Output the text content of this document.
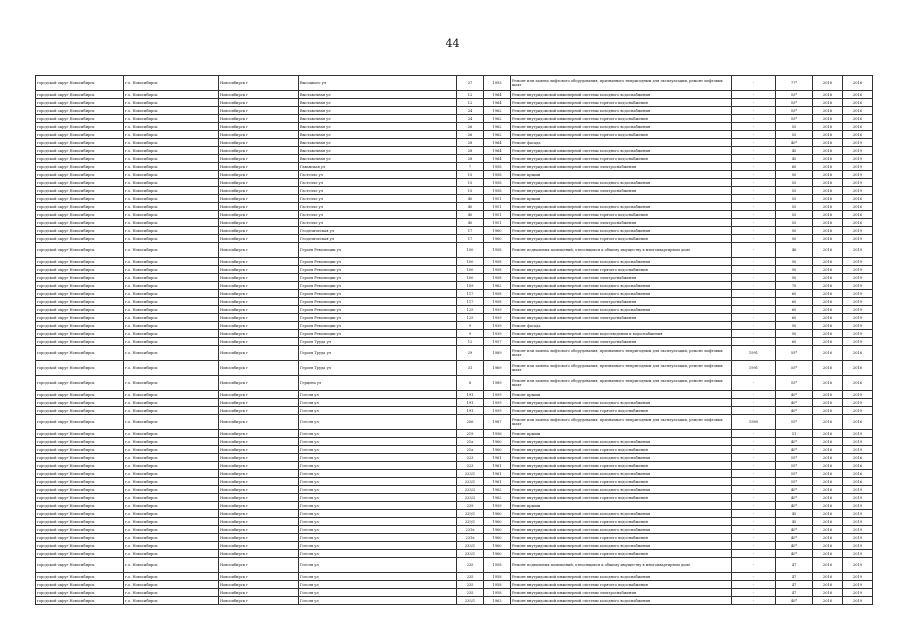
44
городской округ Новосибирск	г.о. Новосибирск	Новосибирск г	Высоцкого ул	27	1993	Ремонт или замена лифтового оборудования, признанного непригодным для эксплуатации, ремонт лифтовых шахт	-	77*	2016	2016
городской округ Новосибирск	г.о. Новосибирск	Новосибирск г	Выставочная ул	12	1964	Ремонт внутридомовой инженерной системы холодного водоснабжения	-	55*	2016	2016
городской округ Новосибирск	г.о. Новосибирск	Новосибирск г	Выставочная ул	12	1964	Ремонт внутридомовой инженерной системы горячего водоснабжения	-	55*	2016	2016
городской округ Новосибирск	г.о. Новосибирск	Новосибирск г	Выставочная ул	24	1962	Ремонт внутридомовой инженерной системы холодного водоснабжения	-	55*	2016	2016
городской округ Новосибирск	г.о. Новосибирск	Новосибирск г	Выставочная ул	24	1962	Ремонт внутридомовой инженерной системы горячего водоснабжения	-	55*	2016	2016
городской округ Новосибирск	г.о. Новосибирск	Новосибирск г	Выставочная ул	26	1962	Ремонт внутридомовой инженерной системы холодного водоснабжения	-	55	2016	2016
городской округ Новосибирск	г.о. Новосибирск	Новосибирск г	Выставочная ул	26	1962	Ремонт внутридомовой инженерной системы горячего водоснабжения	-	55	2016	2016
городской округ Новосибирск	г.о. Новосибирск	Новосибирск г	Выставочная ул	28	1964	Ремонт фасада	-	40*	2016	2019
городской округ Новосибирск	г.о. Новосибирск	Новосибирск г	Выставочная ул	28	1964	Ремонт внутридомовой инженерной системы холодного водоснабжения	-	45	2016	2019
городской округ Новосибирск	г.о. Новосибирск	Новосибирск г	Выставочная ул	28	1964	Ремонт внутридомовой инженерной системы горячего водоснабжения	-	45	2016	2019
городской округ Новосибирск	г.о. Новосибирск	Новосибирск г	Гаванская ул	7	1958	Ремонт внутридомовой инженерной системы электроснабжения	-	60	2016	2019
городской округ Новосибирск	г.о. Новосибирск	Новосибирск г	Гастелло ул	15	1958	Ремонт крыши	-	50	2016	2019
городской округ Новосибирск	г.о. Новосибирск	Новосибирск г	Гастелло ул	15	1958	Ремонт внутридомовой инженерной системы холодного водоснабжения	-	55	2016	2019
городской округ Новосибирск	г.о. Новосибирск	Новосибирск г	Гастелло ул	15	1958	Ремонт внутридомовой инженерной системы электроснабжения	-	55	2016	2019
городской округ Новосибирск	г.о. Новосибирск	Новосибирск г	Гастелло ул	40	1951	Ремонт крыши	-	55	2016	2016
городской округ Новосибирск	г.о. Новосибирск	Новосибирск г	Гастелло ул	40	1951	Ремонт внутридомовой инженерной системы холодного водоснабжения	-	55	2016	2016
городской округ Новосибирск	г.о. Новосибирск	Новосибирск г	Гастелло ул	40	1951	Ремонт внутридомовой инженерной системы горячего водоснабжения	-	55	2016	2016
городской округ Новосибирск	г.о. Новосибирск	Новосибирск г	Гастелло ул	40	1951	Ремонт внутридомовой инженерной системы электроснабжения	-	55	2016	2016
городской округ Новосибирск	г.о. Новосибирск	Новосибирск г	Геодезическая ул	17	1960	Ремонт внутридомовой инженерной системы холодного водоснабжения	-	50	2016	2019
городской округ Новосибирск	г.о. Новосибирск	Новосибирск г	Геодезическая ул	17	1960	Ремонт внутридомовой инженерной системы горячего водоснабжения	-	50	2016	2019
городской округ Новосибирск	г.о. Новосибирск	Новосибирск г	Героев Революции ул	100	1958	Ремонт подвальных помещений, относящихся к общему имуществу в многоквартирном доме	-	46	2016	2019
городской округ Новосибирск	г.о. Новосибирск	Новосибирск г	Героев Революции ул	100	1958	Ремонт внутридомовой инженерной системы холодного водоснабжения	-	50	2016	2019
городской округ Новосибирск	г.о. Новосибирск	Новосибирск г	Героев Революции ул	100	1958	Ремонт внутридомовой инженерной системы горячего водоснабжения	-	50	2016	2019
городской округ Новосибирск	г.о. Новосибирск	Новосибирск г	Героев Революции ул	100	1958	Ремонт внутридомовой инженерной системы электроснабжения	-	50	2016	2019
городской округ Новосибирск	г.о. Новосибирск	Новосибирск г	Героев Революции ул	109	1962	Ремонт внутридомовой инженерной системы холодного водоснабжения	-	70	2016	2019
городской округ Новосибирск	г.о. Новосибирск	Новосибирск г	Героев Революции ул	117	1958	Ремонт внутридомовой инженерной системы холодного водоснабжения	-	60	2016	2019
городской округ Новосибирск	г.о. Новосибирск	Новосибирск г	Героев Революции ул	117	1958	Ремонт внутридомовой инженерной системы электроснабжения	-	60	2016	2019
городской округ Новосибирск	г.о. Новосибирск	Новосибирск г	Героев Революции ул	125	1959	Ремонт внутридомовой инженерной системы холодного водоснабжения	-	60	2016	2019
городской округ Новосибирск	г.о. Новосибирск	Новосибирск г	Героев Революции ул	125	1959	Ремонт внутридомовой инженерной системы электроснабжения	-	60	2016	2019
городской округ Новосибирск	г.о. Новосибирск	Новосибирск г	Героев Революции ул	9	1939	Ремонт фасада	-	50	2016	2019
городской округ Новосибирск	г.о. Новосибирск	Новосибирск г	Героев Революции ул	9	1939	Ремонт внутридомовой инженерной системы водоотведения и водоснабжения	-	50	2016	2019
городской округ Новосибирск	г.о. Новосибирск	Новосибирск г	Героев Труда ул	12	1957	Ремонт внутридомовой инженерной системы электроснабжения	-	60	2016	2019
городской округ Новосибирск	г.о. Новосибирск	Новосибирск г	Героев Труда ул	29	1989	Ремонт или замена лифтового оборудования, признанного непригодным для эксплуатации, ремонт лифтовых шахт	1991	55*	2016	2016
городской округ Новосибирск	г.о. Новосибирск	Новосибирск г	Героев Труда ул	31	1969	Ремонт или замена лифтового оборудования, признанного непригодным для эксплуатации, ремонт лифтовых шахт	1991	55*	2016	2016
городской округ Новосибирск	г.о. Новосибирск	Новосибирск г	Герцена ул	8	1989	Ремонт или замена лифтового оборудования, признанного непригодным для эксплуатации, ремонт лифтовых шахт	-	55*	2016	2016
городской округ Новосибирск	г.о. Новосибирск	Новосибирск г	Гоголя ул	191	1959	Ремонт крыши	-	40*	2016	2019
городской округ Новосибирск	г.о. Новосибирск	Новосибирск г	Гоголя ул	191	1959	Ремонт внутридомовой инженерной системы холодного водоснабжения	-	40*	2016	2019
городской округ Новосибирск	г.о. Новосибирск	Новосибирск г	Гоголя ул	191	1959	Ремонт внутридомовой инженерной системы горячего водоснабжения	-	40*	2016	2019
городской округ Новосибирск	г.о. Новосибирск	Новосибирск г	Гоголя ул	206	1987	Ремонт или замена лифтового оборудования, признанного непригодным для эксплуатации, ремонт лифтовых шахт	1989	55*	2016	2016
городской округ Новосибирск	г.о. Новосибирск	Новосибирск г	Гоголя ул	219	1956	Ремонт крыши	-	51	2016	2019
городской округ Новосибирск	г.о. Новосибирск	Новосибирск г	Гоголя ул	21а	1960	Ремонт внутридомовой инженерной системы холодного водоснабжения	-	40*	2016	2019
городской округ Новосибирск	г.о. Новосибирск	Новосибирск г	Гоголя ул	21а	1960	Ремонт внутридомовой инженерной системы горячего водоснабжения	-	40*	2016	2019
городской округ Новосибирск	г.о. Новосибирск	Новосибирск г	Гоголя ул	223	1961	Ремонт внутридомовой инженерной системы холодного водоснабжения	-	55*	2016	2016
городской округ Новосибирск	г.о. Новосибирск	Новосибирск г	Гоголя ул	223	1961	Ремонт внутридомовой инженерной системы горячего водоснабжения	-	55*	2016	2016
городской округ Новосибирск	г.о. Новосибирск	Новосибирск г	Гоголя ул	223/1	1961	Ремонт внутридомовой инженерной системы холодного водоснабжения	-	55*	2016	2016
городской округ Новосибирск	г.о. Новосибирск	Новосибирск г	Гоголя ул	223/1	1961	Ремонт внутридомовой инженерной системы горячего водоснабжения	-	55*	2016	2016
городской округ Новосибирск	г.о. Новосибирск	Новосибирск г	Гоголя ул	225/2	1962	Ремонт внутридомовой инженерной системы холодного водоснабжения	-	40*	2016	2019
городской округ Новосибирск	г.о. Новосибирск	Новосибирск г	Гоголя ул	225/2	1962	Ремонт внутридомовой инженерной системы горячего водоснабжения	-	40*	2016	2019
городской округ Новосибирск	г.о. Новосибирск	Новосибирск г	Гоголя ул	229	1959	Ремонт крыши	-	40*	2016	2019
городской округ Новосибирск	г.о. Новосибирск	Новосибирск г	Гоголя ул	229/1	1960	Ремонт внутридомовой инженерной системы холодного водоснабжения	-	45	2016	2019
городской округ Новосибирск	г.о. Новосибирск	Новосибирск г	Гоголя ул	229/1	1960	Ремонт внутридомовой инженерной системы горячего водоснабжения	-	45	2016	2019
городской округ Новосибирск	г.о. Новосибирск	Новосибирск г	Гоголя ул	231а	1960	Ремонт внутридомовой инженерной системы холодного водоснабжения	-	40*	2016	2019
городской округ Новосибирск	г.о. Новосибирск	Новосибирск г	Гоголя ул	231а	1960	Ремонт внутридомовой инженерной системы горячего водоснабжения	-	40*	2016	2019
городской округ Новосибирск	г.о. Новосибирск	Новосибирск г	Гоголя ул	233/1	1960	Ремонт внутридомовой инженерной системы холодного водоснабжения	-	40*	2016	2019
городской округ Новосибирск	г.о. Новосибирск	Новосибирск г	Гоголя ул	233/1	1960	Ремонт внутридомовой инженерной системы горячего водоснабжения	-	40*	2016	2019
городской округ Новосибирск	г.о. Новосибирск	Новосибирск г	Гоголя ул	235	1958	Ремонт подвальных помещений, относящихся к общему имуществу в многоквартирном доме	-	47	2016	2019
городской округ Новосибирск	г.о. Новосибирск	Новосибирск г	Гоголя ул	235	1958	Ремонт внутридомовой инженерной системы холодного водоснабжения	-	47	2016	2019
городской округ Новосибирск	г.о. Новосибирск	Новосибирск г	Гоголя ул	235	1958	Ремонт внутридомовой инженерной системы горячего водоснабжения	-	47	2016	2019
городской округ Новосибирск	г.о. Новосибирск	Новосибирск г	Гоголя ул	235	1958	Ремонт внутридомовой инженерной системы электроснабжения	-	47	2016	2019
городской округ Новосибирск	г.о. Новосибирск	Новосибирск г	Гоголя ул	235/1	1963	Ремонт внутридомовой инженерной системы холодного водоснабжения	-	40*	2016	2019
